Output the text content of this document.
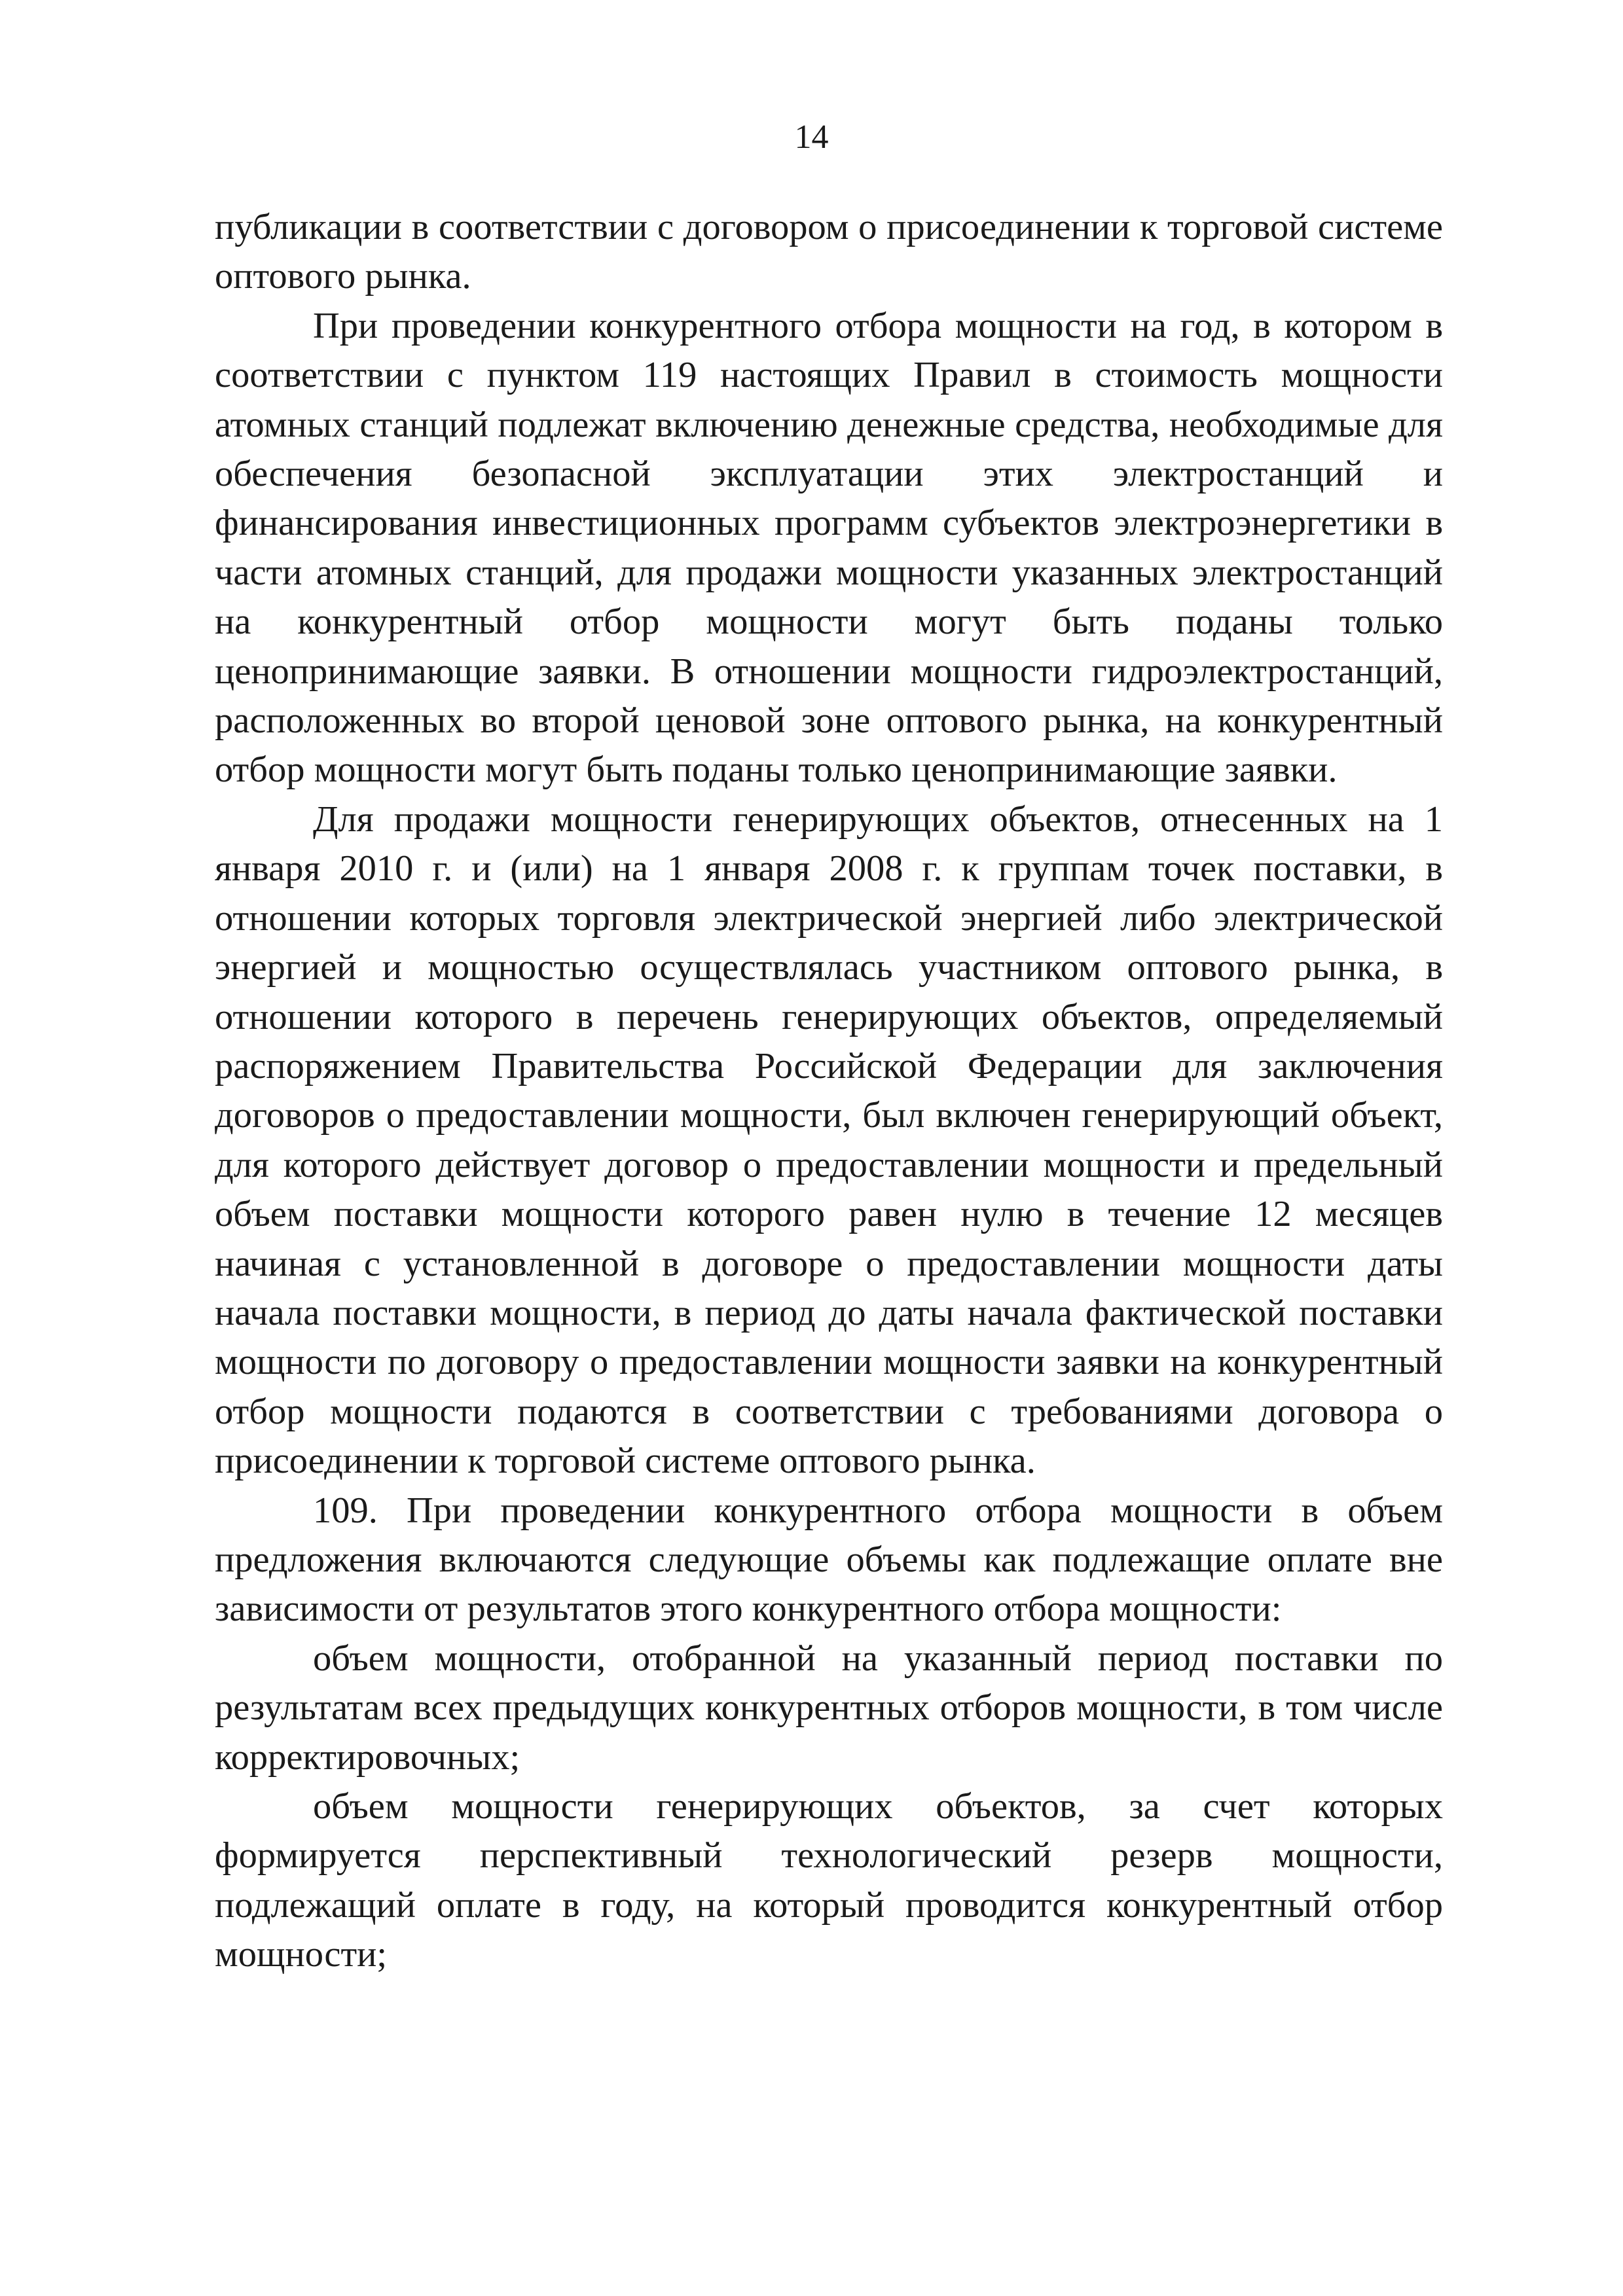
14

публикации в соответствии с договором о присоединении к торговой системе оптового рынка.

При проведении конкурентного отбора мощности на год, в котором в соответствии с пунктом 119 настоящих Правил в стоимость мощности атомных станций подлежат включению денежные средства, необходимые для обеспечения безопасной эксплуатации этих электростанций и финансирования инвестиционных программ субъектов электроэнергетики в части атомных станций, для продажи мощности указанных электростанций на конкурентный отбор мощности могут быть поданы только ценопринимающие заявки. В отношении мощности гидроэлектростанций, расположенных во второй ценовой зоне оптового рынка, на конкурентный отбор мощности могут быть поданы только ценопринимающие заявки.

Для продажи мощности генерирующих объектов, отнесенных на 1 января 2010 г. и (или) на 1 января 2008 г. к группам точек поставки, в отношении которых торговля электрической энергией либо электрической энергией и мощностью осуществлялась участником оптового рынка, в отношении которого в перечень генерирующих объектов, определяемый распоряжением Правительства Российской Федерации для заключения договоров о предоставлении мощности, был включен генерирующий объект, для которого действует договор о предоставлении мощности и предельный объем поставки мощности которого равен нулю в течение 12 месяцев начиная с установленной в договоре о предоставлении мощности даты начала поставки мощности, в период до даты начала фактической поставки мощности по договору о предоставлении мощности заявки на конкурентный отбор мощности подаются в соответствии с требованиями договора о присоединении к торговой системе оптового рынка.

109. При проведении конкурентного отбора мощности в объем предложения включаются следующие объемы как подлежащие оплате вне зависимости от результатов этого конкурентного отбора мощности:

объем мощности, отобранной на указанный период поставки по результатам всех предыдущих конкурентных отборов мощности, в том числе корректировочных;

объем мощности генерирующих объектов, за счет которых формируется перспективный технологический резерв мощности, подлежащий оплате в году, на который проводится конкурентный отбор мощности;
